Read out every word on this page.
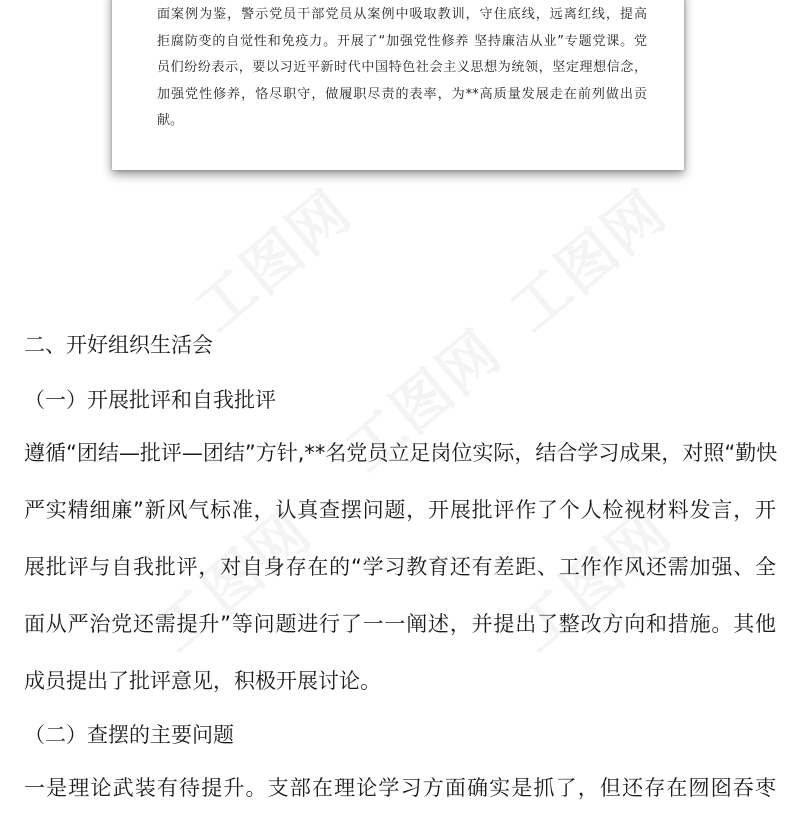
面案例为鉴，警示党员干部党员从案例中吸取教训，守住底线，远离红线，提高
拒腐防变的自觉性和免疫力。开展了“加强党性修养 坚持廉洁从业”专题党课。党
员们纷纷表示，要以习近平新时代中国特色社会主义思想为统领，坚定理想信念，
加强党性修养，恪尽职守，做履职尽责的表率，为**高质量发展走在前列做出贡
献。
工图网 工图网
工图网
工图网	工图网
二、开好组织生活会
（一）开展批评和自我批评
遵循“团结—批评—团结”方针,**名党员立足岗位实际，结合学习成果，对照“勤快
严实精细廉”新风气标准，认真查摆问题，开展批评作了个人检视材料发言，开
展批评与自我批评，对自身存在的“学习教育还有差距、工作作风还需加强、全
面从严治党还需提升”等问题进行了一一阐述，并提出了整改方向和措施。其他
成员提出了批评意见，积极开展讨论。
（二）查摆的主要问题
一是理论武装有待提升。支部在理论学习方面确实是抓了，但还存在囫囵吞枣
